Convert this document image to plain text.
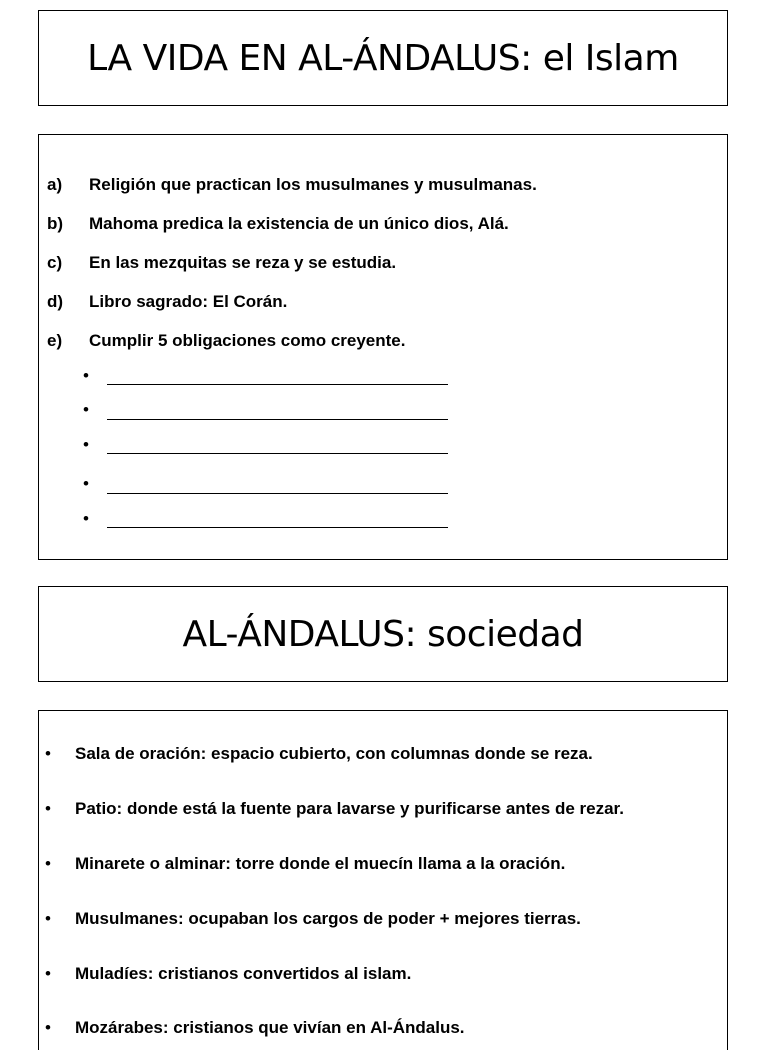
LA VIDA EN AL-ÁNDALUS: el Islam
a) Religión que practican los musulmanes y musulmanas.
b) Mahoma predica la existencia de un único dios, Alá.
c) En las mezquitas se reza y se estudia.
d) Libro sagrado: El Corán.
e) Cumplir 5 obligaciones como creyente.
•
•
•
•
•
AL-ÁNDALUS: sociedad
• Sala de oración: espacio cubierto, con columnas donde se reza.
• Patio: donde está la fuente para lavarse y purificarse antes de rezar.
• Minarete o alminar: torre donde el muecín llama a la oración.
• Musulmanes: ocupaban los cargos de poder + mejores tierras.
• Muladíes: cristianos convertidos al islam.
• Mozárabes: cristianos que vivían en Al-Ándalus.
